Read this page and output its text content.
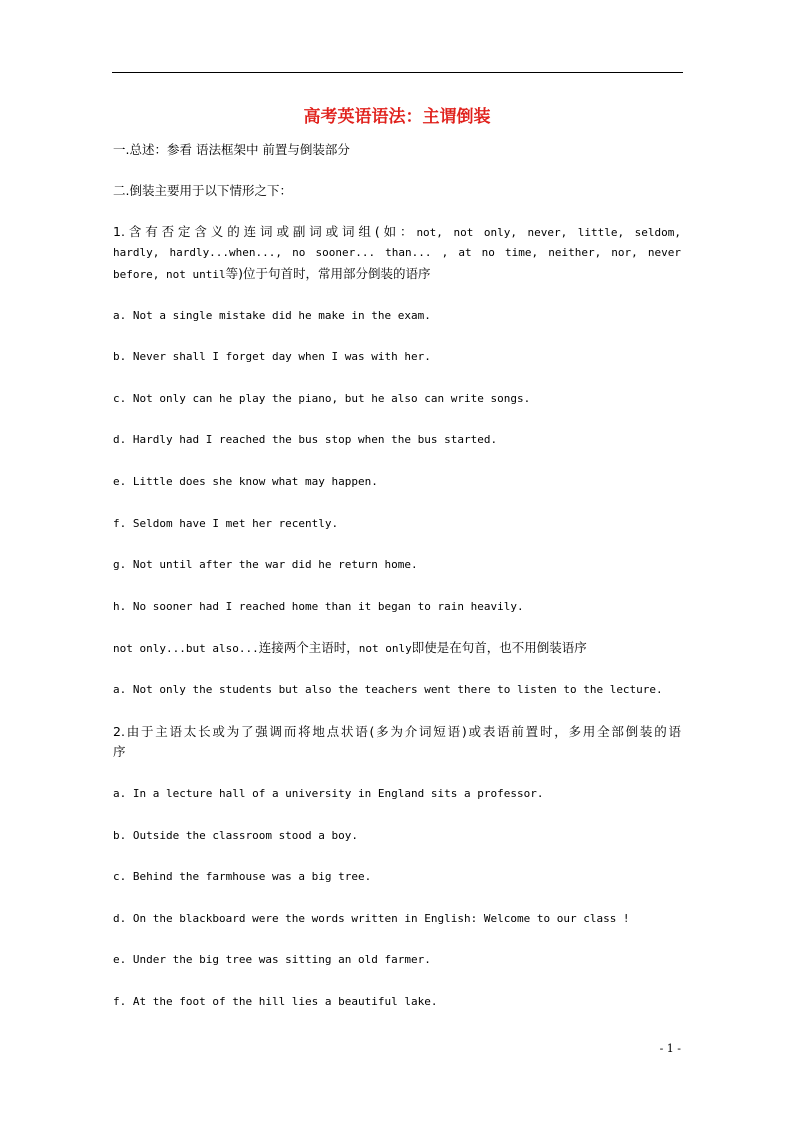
高考英语语法：主谓倒装
一.总述：参看 语法框架中 前置与倒装部分
二.倒装主要用于以下情形之下：
1.含有否定含义的连词或副词或词组(如：not, not only, never, little, seldom,
hardly, hardly...when..., no sooner... than... , at no time, neither, nor, never
before, not until等)位于句首时，常用部分倒装的语序
a. Not a single mistake did he make in the exam.
b. Never shall I forget day when I was with her.
c. Not only can he play the piano, but he also can write songs.
d. Hardly had I reached the bus stop when the bus started.
e. Little does she know what may happen.
f. Seldom have I met her recently.
g. Not until after the war did he return home.
h. No sooner had I reached home than it began to rain heavily.
not only...but also...连接两个主语时，not only即使是在句首，也不用倒装语序
a. Not only the students but also the teachers went there to listen to the lecture.
2.由于主语太长或为了强调而将地点状语(多为介词短语)或表语前置时，多用全部倒装的语
序
a. In a lecture hall of a university in England sits a professor.
b. Outside the classroom stood a boy.
c. Behind the farmhouse was a big tree.
d. On the blackboard were the words written in English: Welcome to our class !
e. Under the big tree was sitting an old farmer.
f. At the foot of the hill lies a beautiful lake.
- 1 -
